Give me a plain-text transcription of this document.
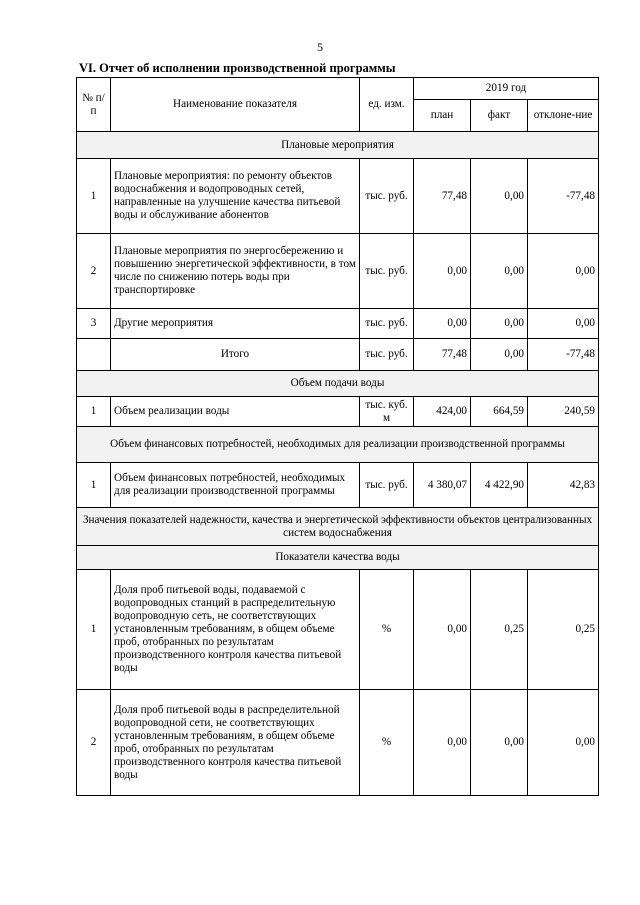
5
VI. Отчет об исполнении производственной программы
№ п/п	Наименование показателя	ед. изм.	2019 год		
			план	факт	отклоне-ние
Плановые мероприятия					
1	Плановые мероприятия: по ремонту объектов водоснабжения и водопроводных сетей, направленные на улучшение качества питьевой воды и обслуживание абонентов	тыс. руб.	77,48	0,00	-77,48
2	Плановые мероприятия по энергосбережению и повышению энергетической эффективности, в том числе по снижению потерь воды при транспортировке	тыс. руб.	0,00	0,00	0,00
3	Другие мероприятия	тыс. руб.	0,00	0,00	0,00
	Итого	тыс. руб.	77,48	0,00	-77,48
Объем подачи воды					
1	Объем реализации воды	тыс. куб. м	424,00	664,59	240,59
Объем финансовых потребностей, необходимых для реализации производственной программы					
1	Объем финансовых потребностей, необходимых для реализации производственной программы	тыс. руб.	4 380,07	4 422,90	42,83
Значения показателей надежности, качества и энергетической эффективности объектов централизованных систем водоснабжения					
Показатели качества воды					
1	Доля проб питьевой воды, подаваемой с водопроводных станций в распределительную водопроводную сеть, не соответствующих установленным требованиям, в общем объеме проб, отобранных по результатам производственного контроля качества питьевой воды	%	0,00	0,25	0,25
2	Доля проб питьевой воды в распределительной водопроводной сети, не соответствующих установленным требованиям, в общем объеме проб, отобранных по результатам производственного контроля качества питьевой воды	%	0,00	0,00	0,00
